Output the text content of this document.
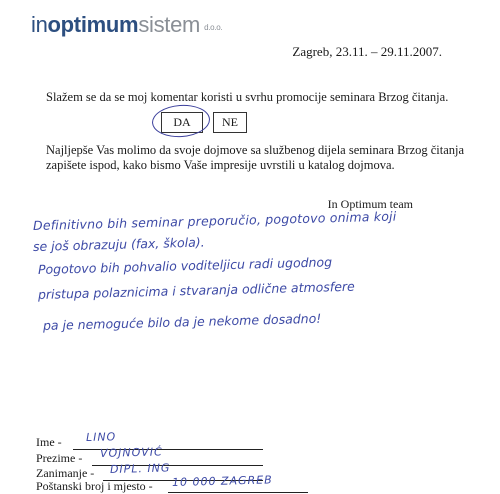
inoptimumsistem d.o.o.
Zagreb, 23.11. – 29.11.2007.
Slažem se da se moj komentar koristi u svrhu promocije seminara Brzog čitanja.
DA	NE
Najljepše Vas molimo da svoje dojmove sa službenog dijela seminara Brzog čitanja zapišete ispod, kako bismo Vaše impresije uvrstili u katalog dojmova.
In Optimum team
Definitivno bih seminar preporučio, pogotovo onima koji
se još obrazuju (fax, škola).
Pogotovo bih pohvalio voditeljicu radi ugodnog
pristupa polaznicima i stvaranja odlične atmosfere
pa je nemoguće bilo da je nekome dosadno!
Ime - LINO
Prezime - VOJNOVIĆ
Zanimanje - DIPL. ING
Poštanski broj i mjesto - 10 000 ZAGREB
